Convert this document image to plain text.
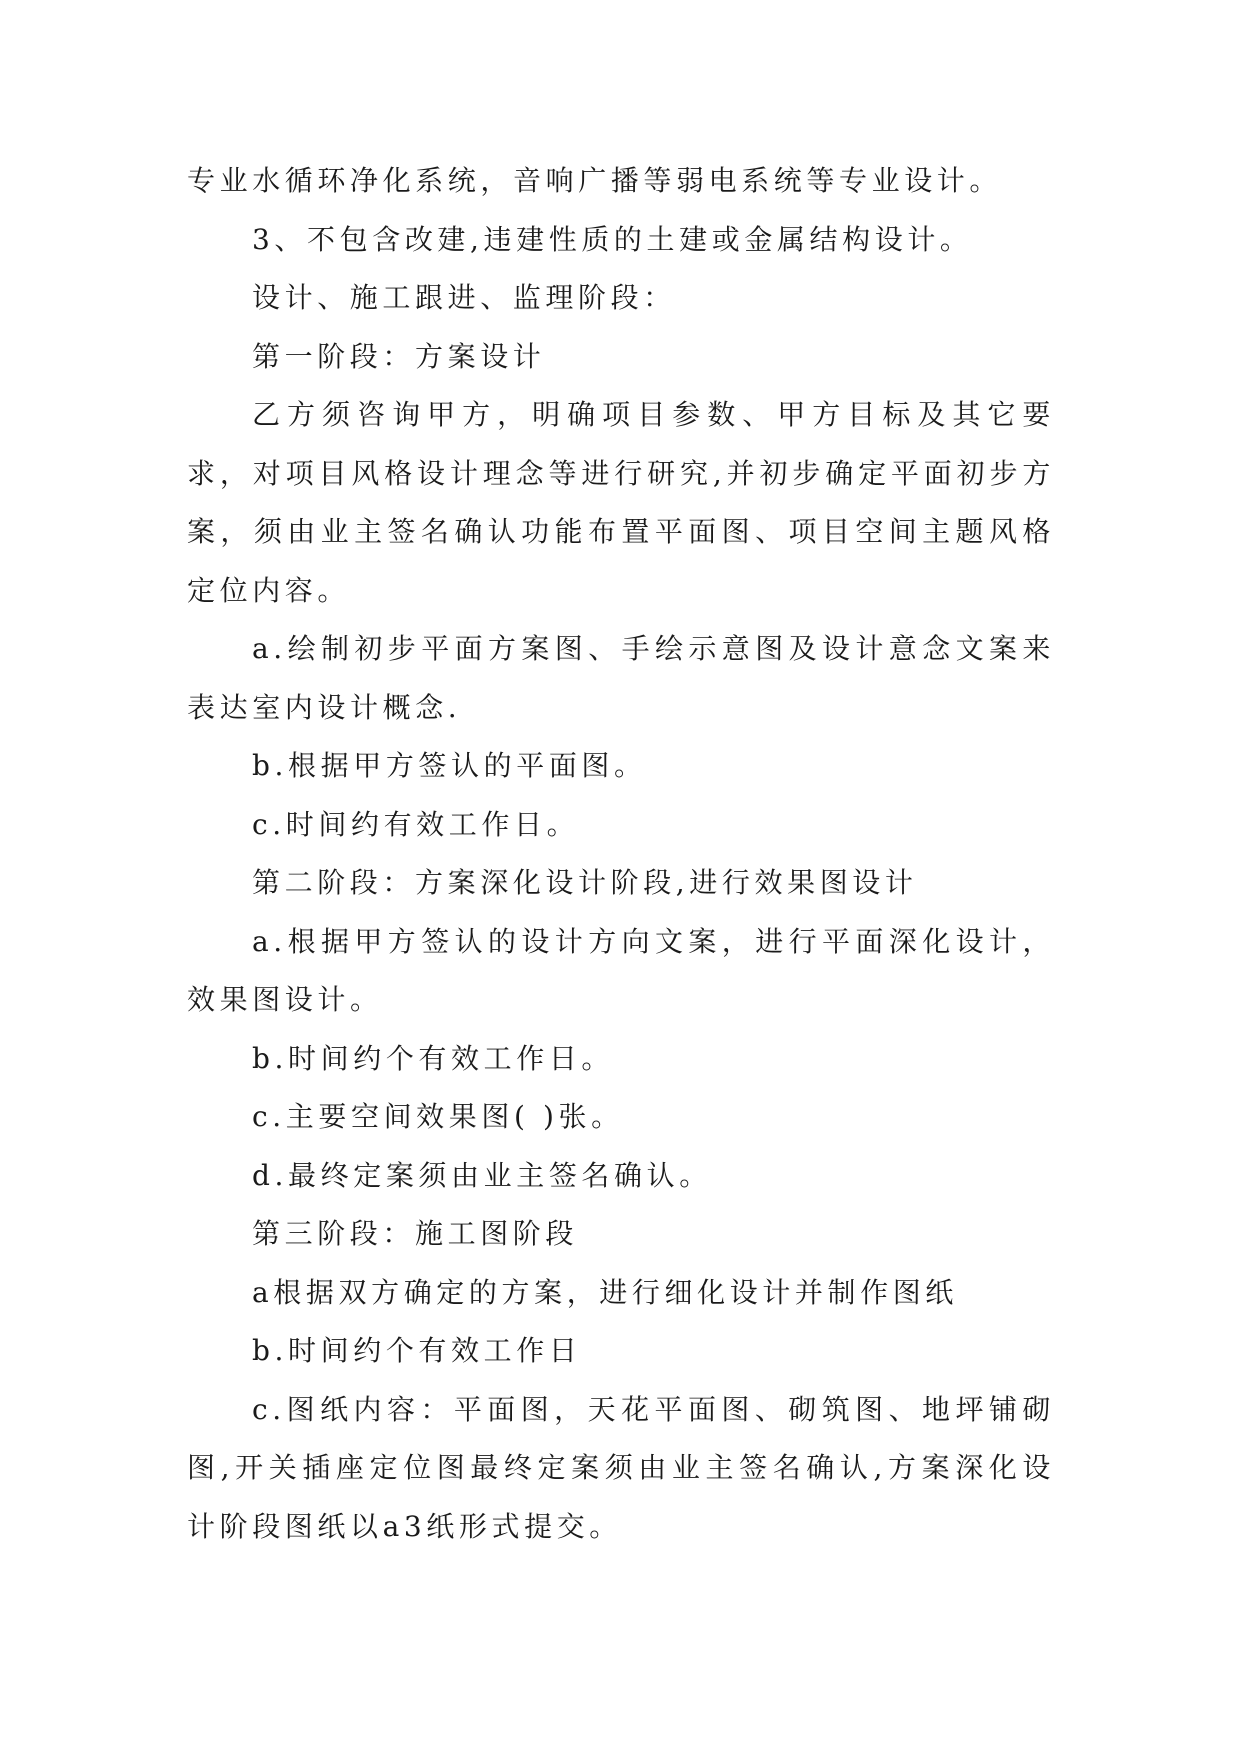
专业水循环净化系统，音响广播等弱电系统等专业设计。

3、不包含改建,违建性质的土建或金属结构设计。

设计、施工跟进、监理阶段：

第一阶段：方案设计

乙方须咨询甲方，明确项目参数、甲方目标及其它要求，对项目风格设计理念等进行研究,并初步确定平面初步方案，须由业主签名确认功能布置平面图、项目空间主题风格定位内容。

a.绘制初步平面方案图、手绘示意图及设计意念文案来表达室内设计概念.

b.根据甲方签认的平面图。

c.时间约有效工作日。

第二阶段：方案深化设计阶段,进行效果图设计

a.根据甲方签认的设计方向文案，进行平面深化设计，效果图设计。

b.时间约个有效工作日。

c.主要空间效果图( )张。

d.最终定案须由业主签名确认。

第三阶段：施工图阶段

a根据双方确定的方案，进行细化设计并制作图纸

b.时间约个有效工作日

c.图纸内容：平面图，天花平面图、砌筑图、地坪铺砌图,开关插座定位图最终定案须由业主签名确认,方案深化设计阶段图纸以a3纸形式提交。
